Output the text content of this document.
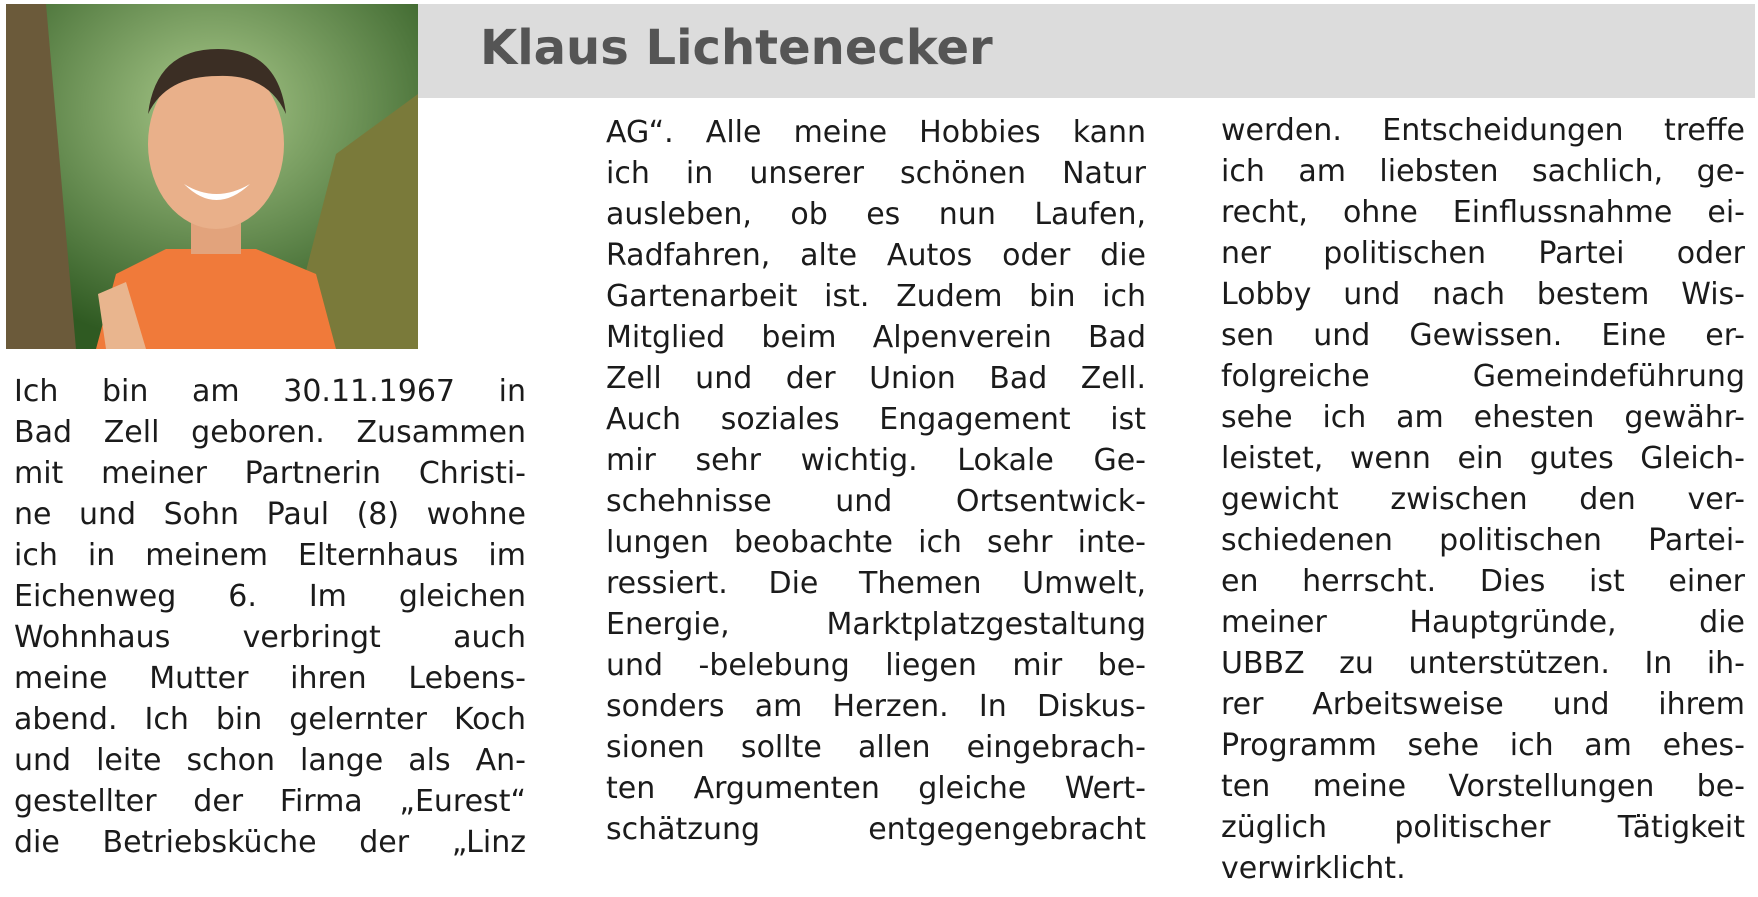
Klaus Lichtenecker
Ich bin am 30.11.1967 in
Bad Zell geboren. Zusammen
mit meiner Partnerin Christi-
ne und Sohn Paul (8) wohne
ich in meinem Elternhaus im
Eichenweg 6. Im gleichen
Wohnhaus verbringt auch
meine Mutter ihren Lebens-
abend. Ich bin gelernter Koch
und leite schon lange als An-
gestellter der Firma „Eurest“
die Betriebsküche der „Linz
AG“. Alle meine Hobbies kann
ich in unserer schönen Natur
ausleben, ob es nun Laufen,
Radfahren, alte Autos oder die
Gartenarbeit ist. Zudem bin ich
Mitglied beim Alpenverein Bad
Zell und der Union Bad Zell.
Auch soziales Engagement ist
mir sehr wichtig. Lokale Ge-
schehnisse und Ortsentwick-
lungen beobachte ich sehr inte-
ressiert. Die Themen Umwelt,
Energie, Marktplatzgestaltung
und -belebung liegen mir be-
sonders am Herzen. In Diskus-
sionen sollte allen eingebrach-
ten Argumenten gleiche Wert-
schätzung entgegengebracht
werden. Entscheidungen treffe
ich am liebsten sachlich, ge-
recht, ohne Einflussnahme ei-
ner politischen Partei oder
Lobby und nach bestem Wis-
sen und Gewissen. Eine er-
folgreiche Gemeindeführung
sehe ich am ehesten gewähr-
leistet, wenn ein gutes Gleich-
gewicht zwischen den ver-
schiedenen politischen Partei-
en herrscht. Dies ist einer
meiner Hauptgründe, die
UBBZ zu unterstützen. In ih-
rer Arbeitsweise und ihrem
Programm sehe ich am ehes-
ten meine Vorstellungen be-
züglich politischer Tätigkeit
verwirklicht.
